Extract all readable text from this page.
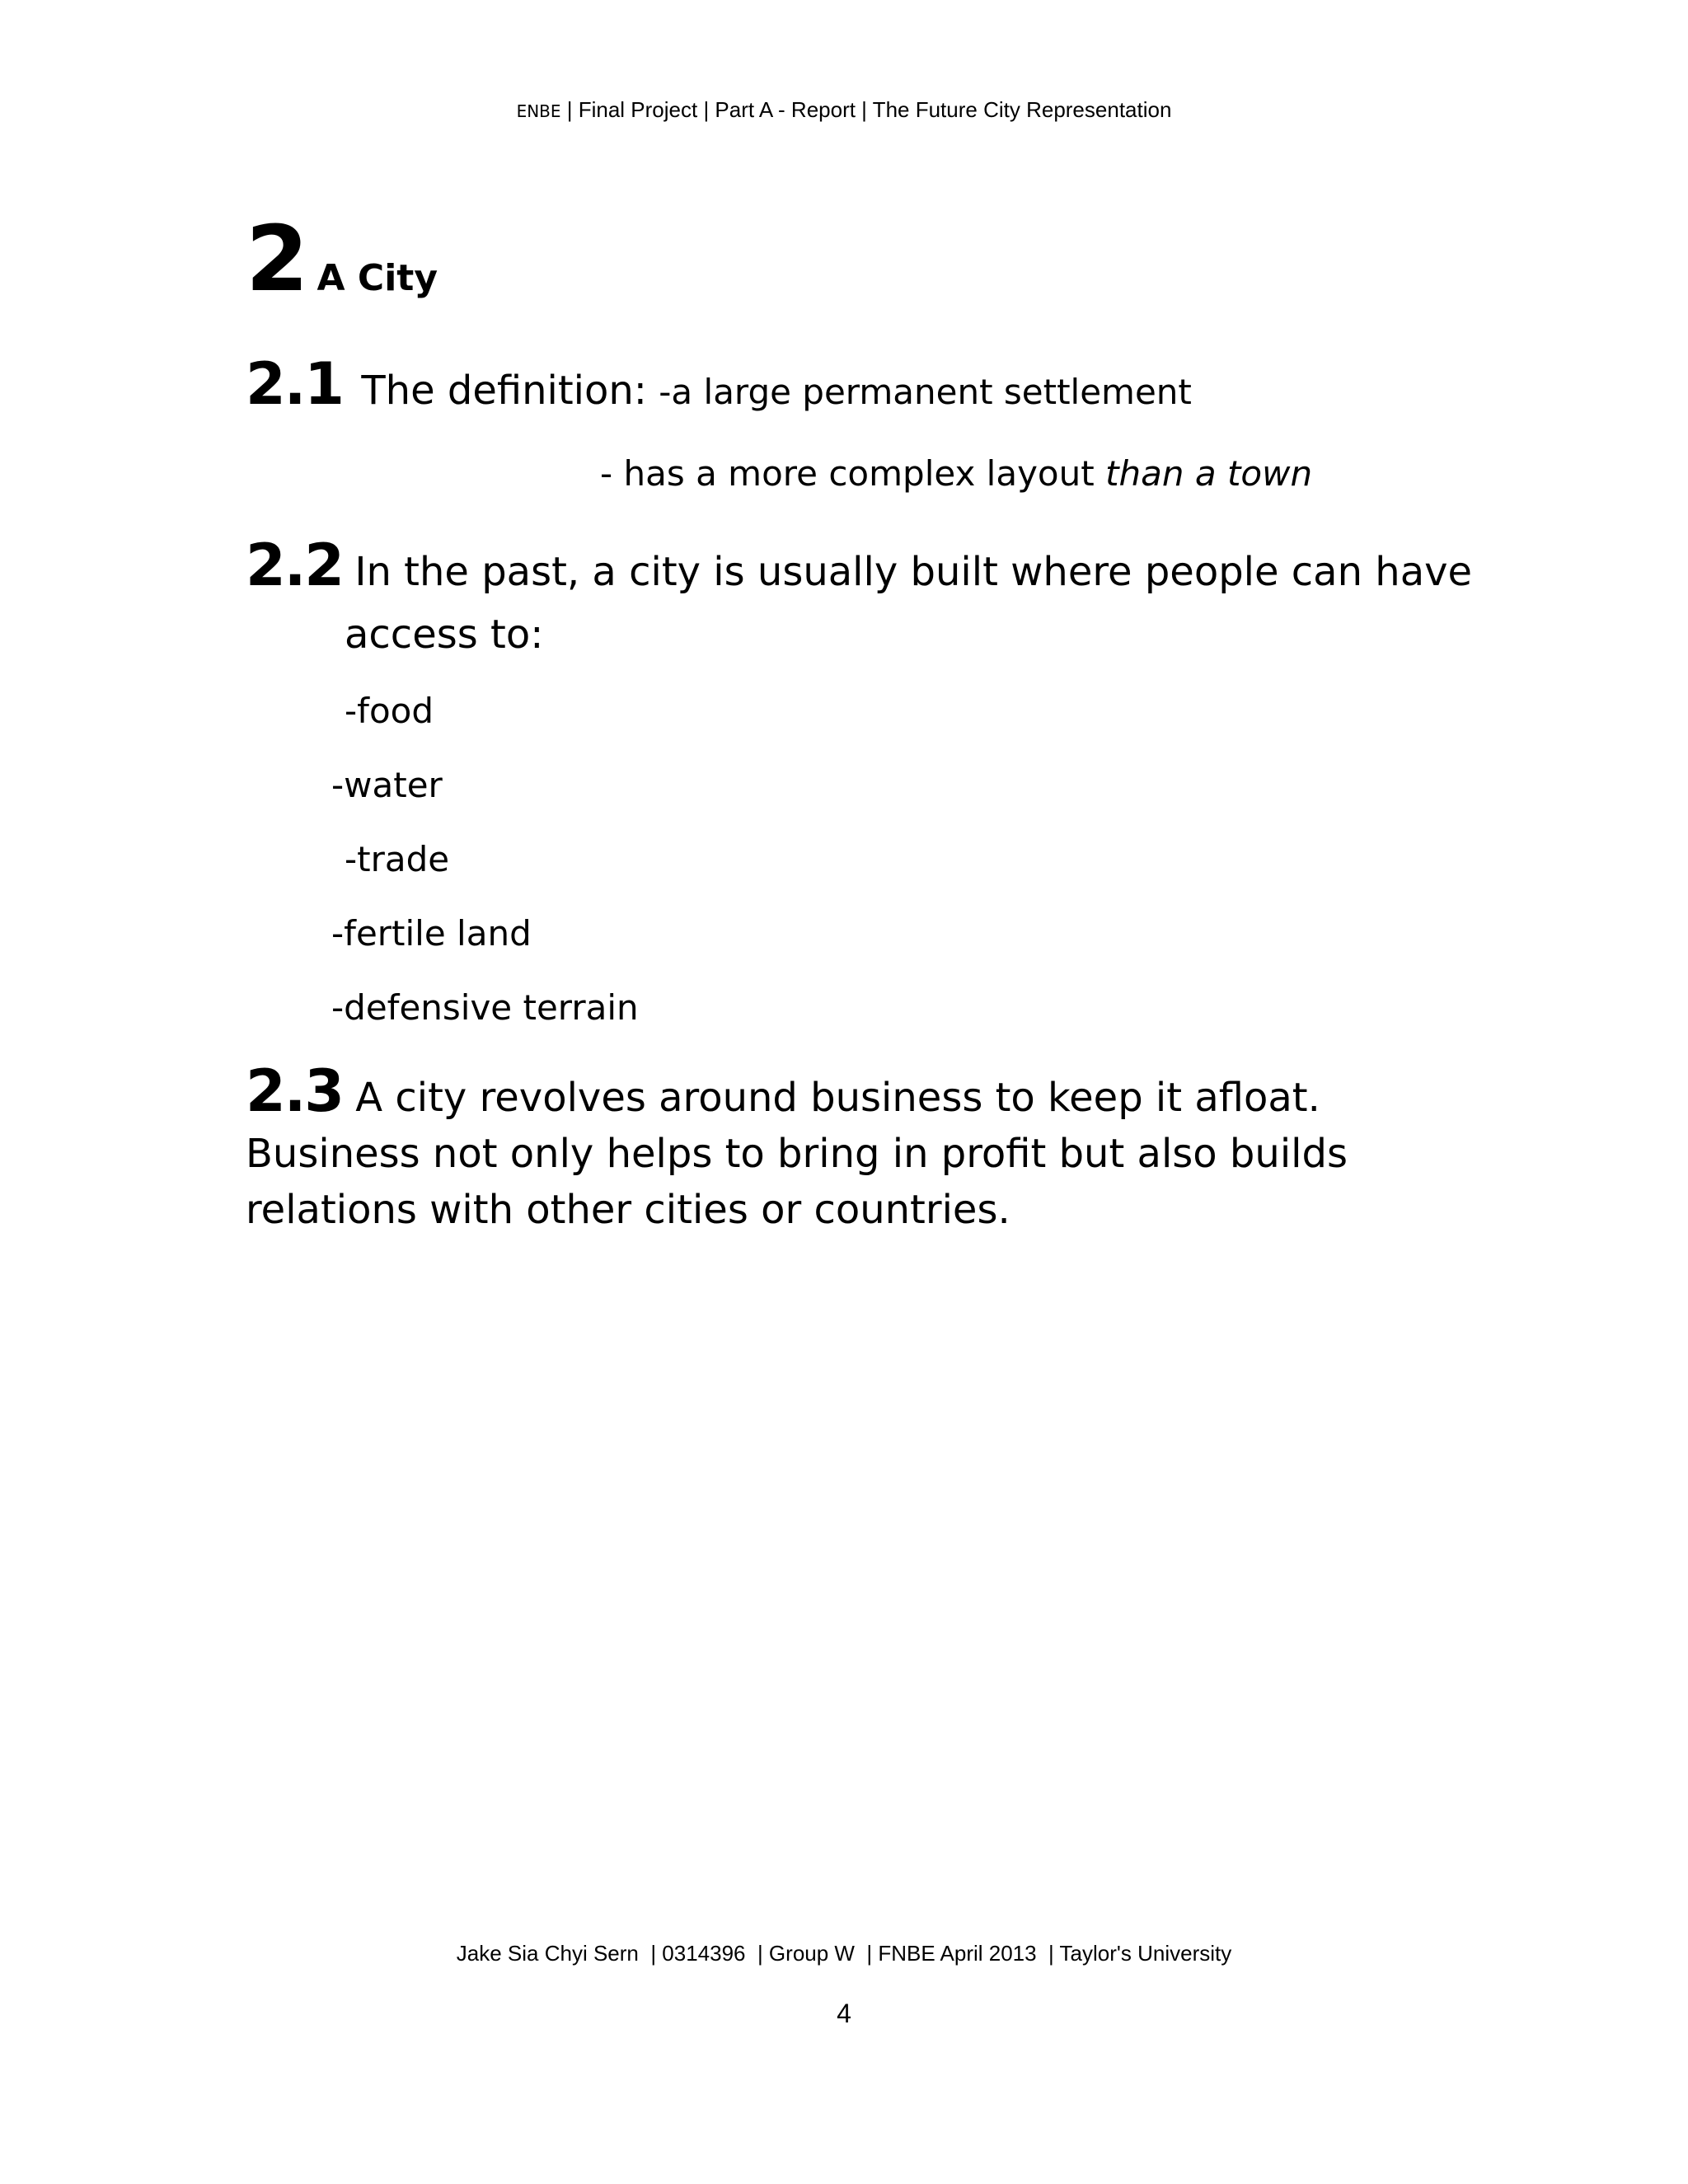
ENBE | Final Project | Part A - Report | The Future City Representation
2 A City
2.1 The definition: -a large permanent settlement
- has a more complex layout than a town
2.2 In the past, a city is usually built where people can have
access to:
-food
-water
-trade
-fertile land
-defensive terrain
2.3 A city revolves around business to keep it afloat. Business not only helps to bring in profit but also builds relations with other cities or countries.
Jake Sia Chyi Sern  | 0314396  | Group W  | FNBE April 2013  | Taylor's University
4
